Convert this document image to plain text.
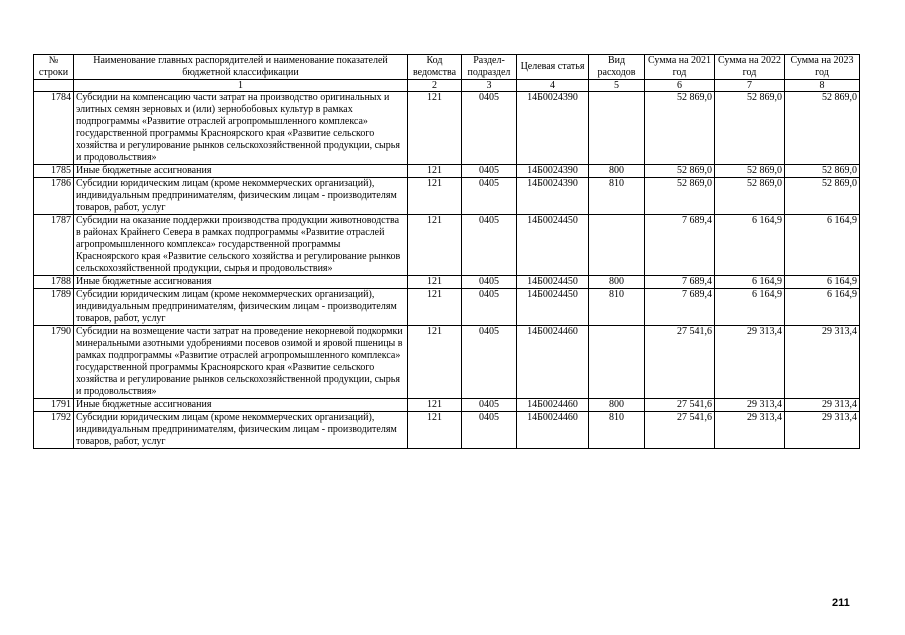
№ строки	Наименование главных распорядителей и наименование показателей бюджетной классификации	Код ведомства	Раздел-подраздел	Целевая статья	Вид расходов	Сумма на 2021 год	Сумма на 2022 год	Сумма на 2023 год
	1	2	3	4	5	6	7	8
1784	Субсидии на компенсацию части затрат на производство оригинальных и элитных семян зерновых и (или) зернобобовых культур в рамках подпрограммы «Развитие отраслей агропромышленного комплекса» государственной программы Красноярского края «Развитие сельского хозяйства и регулирование рынков сельскохозяйственной продукции, сырья и продовольствия»	121	0405	14Б0024390		52 869,0	52 869,0	52 869,0
1785	Иные бюджетные ассигнования	121	0405	14Б0024390	800	52 869,0	52 869,0	52 869,0
1786	Субсидии юридическим лицам (кроме некоммерческих организаций), индивидуальным предпринимателям, физическим лицам - производителям товаров, работ, услуг	121	0405	14Б0024390	810	52 869,0	52 869,0	52 869,0
1787	Субсидии на оказание поддержки производства продукции животноводства в районах Крайнего Севера в рамках подпрограммы «Развитие отраслей агропромышленного комплекса» государственной программы Красноярского края «Развитие сельского хозяйства и регулирование рынков сельскохозяйственной продукции, сырья и продовольствия»	121	0405	14Б0024450		7 689,4	6 164,9	6 164,9
1788	Иные бюджетные ассигнования	121	0405	14Б0024450	800	7 689,4	6 164,9	6 164,9
1789	Субсидии юридическим лицам (кроме некоммерческих организаций), индивидуальным предпринимателям, физическим лицам - производителям товаров, работ, услуг	121	0405	14Б0024450	810	7 689,4	6 164,9	6 164,9
1790	Субсидии на возмещение части затрат на проведение некорневой подкормки минеральными азотными удобрениями посевов озимой и яровой пшеницы в рамках подпрограммы «Развитие отраслей агропромышленного комплекса» государственной программы Красноярского края «Развитие сельского хозяйства и регулирование рынков сельскохозяйственной продукции, сырья и продовольствия»	121	0405	14Б0024460		27 541,6	29 313,4	29 313,4
1791	Иные бюджетные ассигнования	121	0405	14Б0024460	800	27 541,6	29 313,4	29 313,4
1792	Субсидии юридическим лицам (кроме некоммерческих организаций), индивидуальным предпринимателям, физическим лицам - производителям товаров, работ, услуг	121	0405	14Б0024460	810	27 541,6	29 313,4	29 313,4
211
